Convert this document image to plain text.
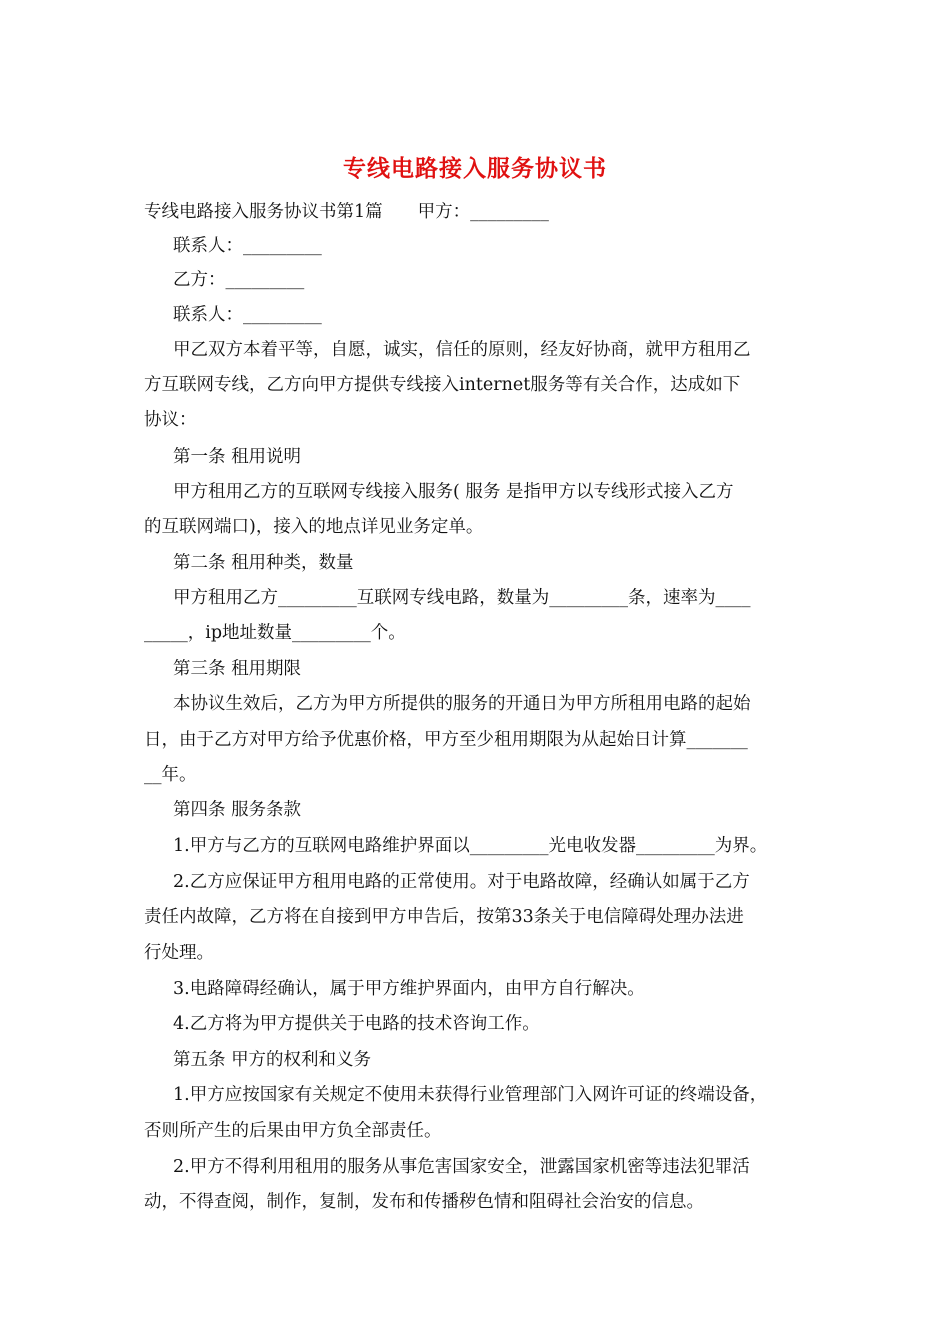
专线电路接入服务协议书
专线电路接入服务协议书第1篇　　甲方：_________
联系人：_________
乙方：_________
联系人：_________
甲乙双方本着平等，自愿，诚实，信任的原则，经友好协商，就甲方租用乙
方互联网专线，乙方向甲方提供专线接入internet服务等有关合作，达成如下
协议：
第一条 租用说明
甲方租用乙方的互联网专线接入服务( 服务 是指甲方以专线形式接入乙方
的互联网端口)，接入的地点详见业务定单。
第二条 租用种类，数量
甲方租用乙方_________互联网专线电路，数量为_________条，速率为____
_____，ip地址数量_________个。
第三条 租用期限
本协议生效后，乙方为甲方所提供的服务的开通日为甲方所租用电路的起始
日，由于乙方对甲方给予优惠价格，甲方至少租用期限为从起始日计算_______
__年。
第四条 服务条款
1.甲方与乙方的互联网电路维护界面以_________光电收发器_________为界。
2.乙方应保证甲方租用电路的正常使用。对于电路故障，经确认如属于乙方
责任内故障，乙方将在自接到甲方申告后，按第33条关于电信障碍处理办法进
行处理。
3.电路障碍经确认，属于甲方维护界面内，由甲方自行解决。
4.乙方将为甲方提供关于电路的技术咨询工作。
第五条 甲方的权利和义务
1.甲方应按国家有关规定不使用未获得行业管理部门入网许可证的终端设备，
否则所产生的后果由甲方负全部责任。
2.甲方不得利用租用的服务从事危害国家安全，泄露国家机密等违法犯罪活
动，不得查阅，制作，复制，发布和传播秽色情和阻碍社会治安的信息。
